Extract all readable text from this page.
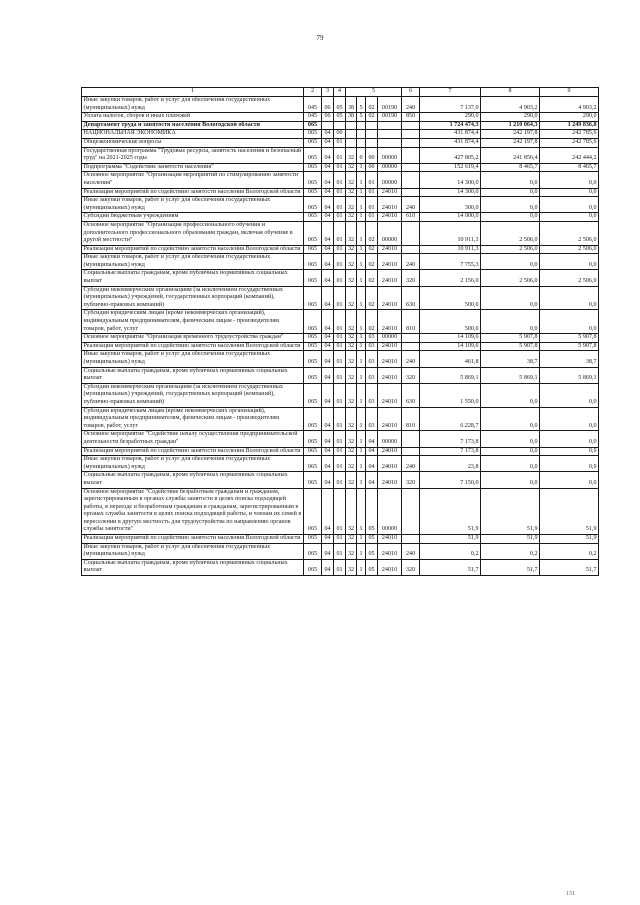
79
1	2	3	4	5				6	7	8	9
Иные закупки товаров, работ и услуг для обеспечения государственных (муниципальных) нужд	045	06	05	38	5	02	00190	240	7 137,0	4 903,2	4 903,2
Уплата налогов, сборов и иных платежей	045	06	05	38	5	02	00190	850	290,0	290,0	290,0
Департамент труда и занятости населения Вологодской области	065								1 724 474,3	1 210 064,3	1 249 836,8
НАЦИОНАЛЬНАЯ ЭКОНОМИКА	065	04	00						431 874,4	242 197,8	242 785,6
Общеэкономические вопросы	065	04	01						431 874,4	242 197,8	242 785,6
Государственная программа "Трудовые ресурсы, занятость населения и безопасный труд" на 2021-2025 годы	065	04	01	32	0	00	00000		427 805,2	241 856,4	242 444,2
Подпрограмма "Содействие занятости населения"	065	04	01	32	1	00	00000		152 619,4	8 465,7	8 465,7
Основное мероприятие "Организация мероприятий по стимулированию занятости населения"	065	04	01	32	1	01	00000		14 300,0	0,0	0,0
Реализация мероприятий по содействию занятости населения Вологодской области	065	04	01	32	1	01	24010		14 300,0	0,0	0,0
Иные закупки товаров, работ и услуг для обеспечения государственных (муниципальных) нужд	065	04	01	32	1	01	24010	240	300,0	0,0	0,0
Субсидии бюджетным учреждениям	065	04	01	32	1	01	24010	610	14 000,0	0,0	0,0
Основное мероприятие "Организация профессионального обучения и дополнительного профессионального образования граждан, включая обучение в другой местности"	065	04	01	32	1	02	00000		10 911,3	2 506,0	2 506,0
Реализация мероприятий по содействию занятости населения Вологодской области	065	04	01	32	1	02	24010		10 911,3	2 506,0	2 506,0
Иные закупки товаров, работ и услуг для обеспечения государственных (муниципальных) нужд	065	04	01	32	1	02	24010	240	7 755,3	0,0	0,0
Социальные выплаты гражданам, кроме публичных нормативных социальных выплат	065	04	01	32	1	02	24010	320	2 156,0	2 506,0	2 506,0
Субсидии некоммерческим организациям (за исключением государственных (муниципальных) учреждений, государственных корпораций (компаний), публично-правовых компаний)	065	04	01	32	1	02	24010	630	500,0	0,0	0,0
Субсидии юридическим лицам (кроме некоммерческих организаций), индивидуальным предпринимателям, физическим лицам - производителям товаров, работ, услуг	065	04	01	32	1	02	24010	810	500,0	0,0	0,0
Основное мероприятие "Организация временного трудоустройства граждан"	065	04	01	32	1	03	00000		14 109,6	5 907,8	5 907,8
Реализация мероприятий по содействию занятости населения Вологодской области	065	04	01	32	1	03	24010		14 109,6	5 907,8	5 907,8
Иные закупки товаров, работ и услуг для обеспечения государственных (муниципальных) нужд	065	04	01	32	1	03	24010	240	461,8	38,7	38,7
Социальные выплаты гражданам, кроме публичных нормативных социальных выплат	065	04	01	32	1	03	24010	320	5 869,1	5 869,1	5 869,1
Субсидии некоммерческим организациям (за исключением государственных (муниципальных) учреждений, государственных корпораций (компаний), публично-правовых компаний)	065	04	01	32	1	03	24010	630	1 550,0	0,0	0,0
Субсидии юридическим лицам (кроме некоммерческих организаций), индивидуальным предпринимателям, физическим лицам - производителям товаров, работ, услуг	065	04	01	32	1	03	24010	810	6 228,7	0,0	0,0
Основное мероприятие "Содействие началу осуществления предпринимательской деятельности безработных граждан"	065	04	01	32	1	04	00000		7 173,8	0,0	0,0
Реализация мероприятий по содействию занятости населения Вологодской области	065	04	01	32	1	04	24010		7 173,8	0,0	0,0
Иные закупки товаров, работ и услуг для обеспечения государственных (муниципальных) нужд	065	04	01	32	1	04	24010	240	23,8	0,0	0,0
Социальные выплаты гражданам, кроме публичных нормативных социальных выплат	065	04	01	32	1	04	24010	320	7 150,0	0,0	0,0
Основное мероприятие "Содействие безработным гражданам и гражданам, зарегистрированным в органах службы занятости в целях поиска подходящей работы, в переезде и безработным гражданам и гражданам, зарегистрированным в органах службы занятости в целях поиска подходящей работы, и членам их семей в переселении в другую местность для трудоустройства по направлению органов службы занятости"	065	04	01	32	1	05	00000		51,9	51,9	51,9
Реализация мероприятий по содействию занятости населения Вологодской области	065	04	01	32	1	05	24010		51,9	51,9	51,9
Иные закупки товаров, работ и услуг для обеспечения государственных (муниципальных) нужд	065	04	01	32	1	05	24010	240	0,2	0,2	0,2
Социальные выплаты гражданам, кроме публичных нормативных социальных выплат	065	04	01	32	1	05	24010	320	51,7	51,7	51,7
131
